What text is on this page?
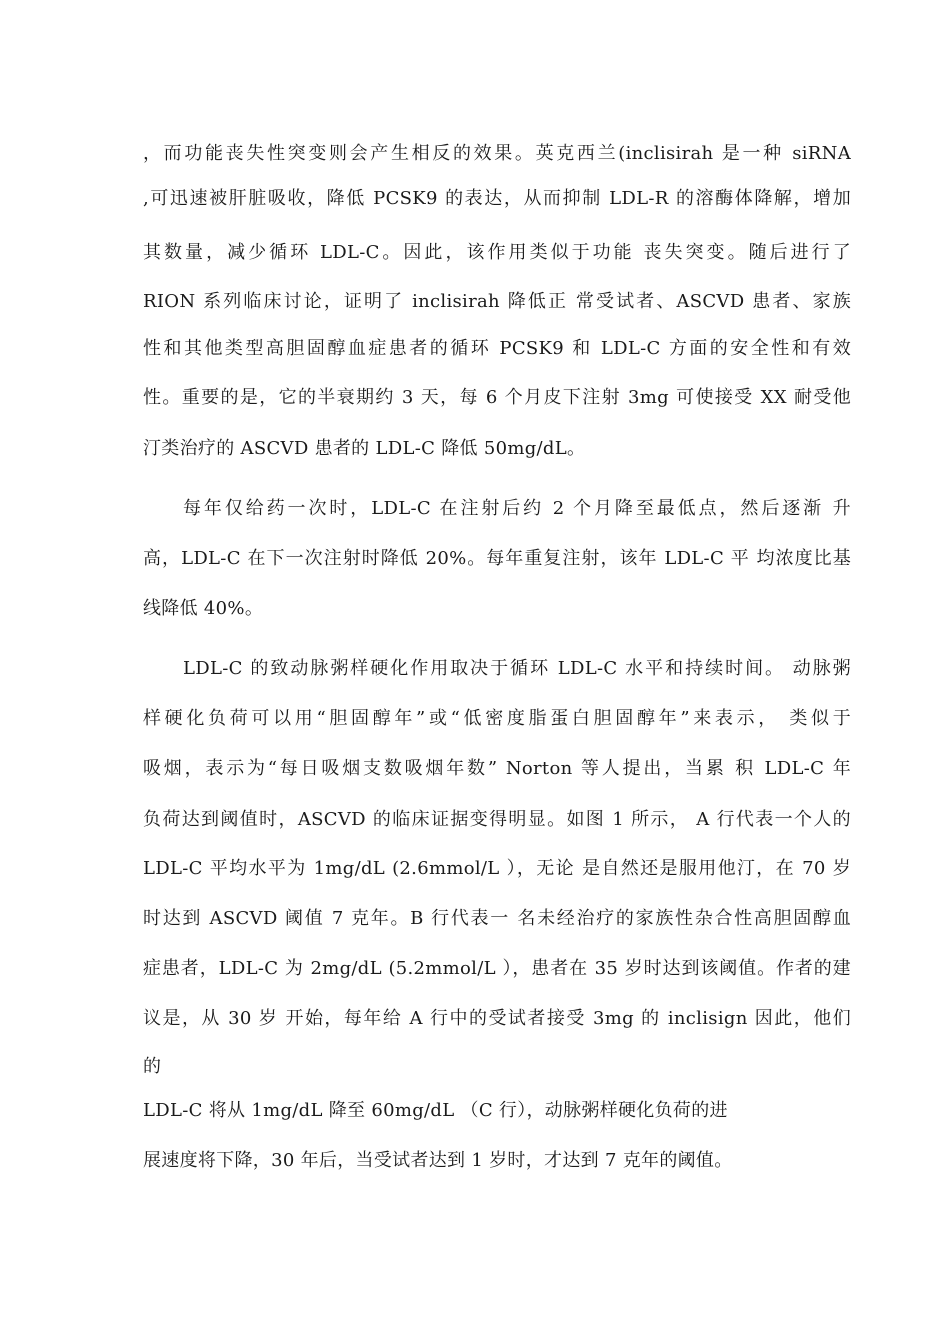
，而功能丧失性突变则会产生相反的效果。英克西兰(inclisirah 是一种 siRNA
,可迅速被肝脏吸收，降低 PCSK9 的表达，从而抑制 LDL-R 的溶酶体降解，增加
其数量，减少循环 LDL-C。因此，该作用类似于功能 丧失突变。随后进行了
RION 系列临床讨论，证明了 inclisirah 降低正 常受试者、ASCVD 患者、家族
性和其他类型高胆固醇血症患者的循环 PCSK9 和 LDL-C 方面的安全性和有效
性。重要的是，它的半衰期约 3 天，每 6 个月皮下注射 3mg 可使接受 XX 耐受他
汀类治疗的 ASCVD 患者的 LDL-C 降低 50mg/dL。
每年仅给药一次时，LDL-C 在注射后约 2 个月降至最低点，然后逐渐 升
高，LDL-C 在下一次注射时降低 20%。每年重复注射，该年 LDL-C 平 均浓度比基
线降低 40%。
LDL-C 的致动脉粥样硬化作用取决于循环 LDL-C 水平和持续时间。 动脉粥
样硬化负荷可以用“胆固醇年”或“低密度脂蛋白胆固醇年”来表示， 类似于
吸烟，表示为“每日吸烟支数吸烟年数” Norton 等人提出，当累 积 LDL-C 年
负荷达到阈值时，ASCVD 的临床证据变得明显。如图 1 所示， A 行代表一个人的
LDL-C 平均水平为 1mg/dL (2.6mmol/L ），无论 是自然还是服用他汀，在 70 岁
时达到 ASCVD 阈值 7 克年。B 行代表一 名未经治疗的家族性杂合性高胆固醇血
症患者，LDL-C 为 2mg/dL (5.2mmol/L ），患者在 35 岁时达到该阈值。作者的建
议是，从 30 岁 开始，每年给 A 行中的受试者接受 3mg 的 inclisign 因此，他们
的
LDL-C 将从 1mg/dL 降至 60mg/dL （C 行），动脉粥样硬化负荷的进
展速度将下降，30 年后，当受试者达到 1 岁时，才达到 7 克年的阈值。
